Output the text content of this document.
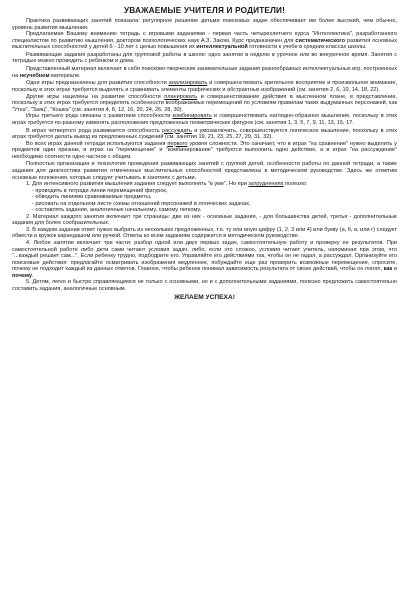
УВАЖАЕМЫЕ УЧИТЕЛЯ И РОДИТЕЛИ!

Практика развивающих занятий показала: регулярное решение детьми поисковых задач обеспечивает им более высокий, чем обычно, уровень развития мышления.

Предлагаемая Вашему вниманию тетрадь с игровыми заданиями - первая часть четырехлетнего курса "Интеллектика", разработанного специалистом по развитию мышления, доктором психологических наук А.З. Заком. Курс предназначен для систематического развития основных мыслительных способностей у детей 6 - 10 лет с целью повышения их интеллектуальной готовности к учебе в средних классах школы.

Развивающие задания разработаны для групповой работы в школе: одно занятие в неделю в урочное или во внеурочное время. Занятия с тетрадью можно проводить с ребенком и дома.

Представленный материал включает в себя поисково-творческие занимательные задания разнообразных интеллектуальных игр, построенных на неучебном материале.

Одни игры предназначены для развития способности анализировать и совершенствовать зрительное восприятие и произвольное внимание, поскольку в этих играх требуется выделять и сравнивать элементы графических и абстрактных изображений (см. занятия 2, 6, 10, 14, 18, 22).

Другие игры нацелены на развитие способности планировать и совершенствование действия в мысленном плане, в представлении, поскольку в этих играх требуется определять особенности воображаемых перемещений по условиям правилам таких выдуманных персонажей, как "Утка", "Заяц", "Кошка" (см. занятия 4, 8, 12, 16, 20, 24, 26, 28, 30).

Игры третьего рода связаны с развитием способности комбинировать и совершенствовать наглядно-образное мышление, поскольку в этих играх требуется по-разному изменять расположение предложенных геометрических фигурок (см. занятия 1, 3, 5, 7, 9, 11, 13, 15, 17.

В играх четвертого рода развивается способность рассуждать и умозаключать, совершенствуется логическое мышление, поскольку в этих играх требуется делать вывод из предложенных суждений (см. занятия 19, 21, 23, 25, 27, 29, 31, 32).

Во всех играх данной тетради используются задания первого уровня сложности. Это означает, что в играх "на сравнение" нужно выделить у предметов один признак, в играх на "перемещение" и "комбинирование" требуется выполнить одно действие, а в играх "на рассуждение" необходимо соотнести одно частное с общим.

Полностью организация и технология проведения развивающих занятий с группой детей, особенности работы по данной тетради, а также задания для диагностики развития отмеченных мыслительных способностей представлены в методическом руководстве. Здесь же отметим основные положения, которые следует учитывать в занятиях с детьми.

1. Для интенсивного развития мышления задания следует выполнять "в уме". Но при затруднениях полезно:

- проводить в тетради линии перемещений фигурок,
- обводить линиями сравниваемые предметы,
- рисовать на отдельном листе схемы отношений персонажей в логических задачах,
- составлять задания, аналогичные начальному, самому легкому.

2. Материал каждого занятия включает три страницы: две из них - основные задания, - для большинства детей, третья - дополнительные задания для более сообразительных.

3. В каждом задании ответ нужно выбрать из нескольких предложенных, т.е. ту или иную цифру (1, 2, 3 или 4) или букву (а, б, в, или г) следует обвести в кружок карандашом или ручкой. Ответы ко всем заданиям содержатся в методическом руководстве.

4. Любое занятие включает три части: разбор одной или двух первых задач, самостоятельную работу и проверку ее результатов. При самостоятельной работе либо дети сами читают условия задач, либо, если это сложно, условия читает учитель, напоминая при этом, что "...каждый решает сам...". Если ребенку трудно, подбодрите его. Управляйте его действиями так, чтобы он не гадал, а рассуждал. Организуйте его поисковые действия: предлагайте осматривать изображения медленнее, побуждайте еще раз проверить возможные перемещения, спросите, почему не подходит каждый из данных ответов. Главное, чтобы ребенок понимал зависимость результата от своих действий, чтобы он понял, как и почему.

5. Детям, легко и быстро справляющимся не только с основными, но и с дополнительными заданиями, полезно предложить самостоятельно составить задания, аналогичные основным.

ЖЕЛАЕМ УСПЕХА!
